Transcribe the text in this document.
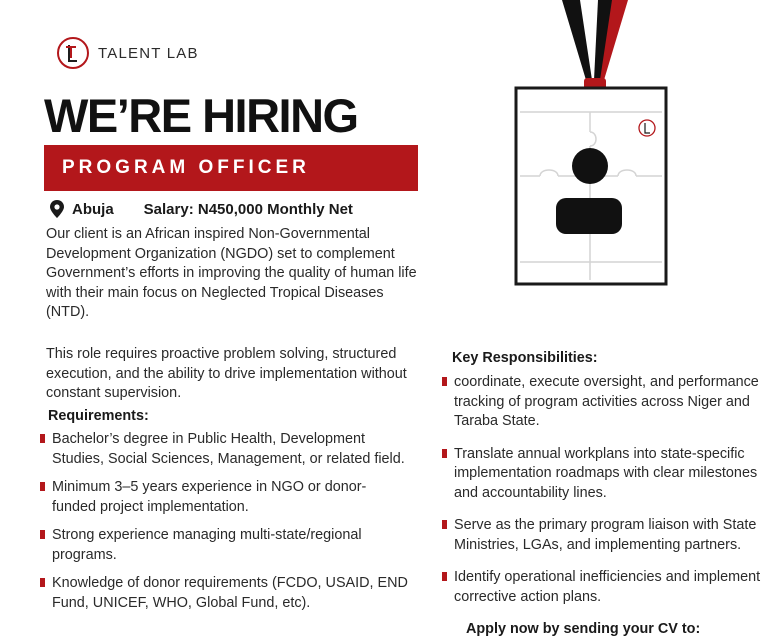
TALENT LAB
WE’RE HIRING
PROGRAM OFFICER
Abuja Salary: N450,000 Monthly Net

Our client is an African inspired Non-Governmental Development Organization (NGDO) set to complement Government’s efforts in improving the quality of human life with their main focus on Neglected Tropical Diseases (NTD).

This role requires proactive problem solving, structured execution, and the ability to drive implementation without constant supervision.

Requirements:
Bachelor’s degree in Public Health, Development Studies, Social Sciences, Management, or related field.
Minimum 3–5 years experience in NGO or donor-funded project implementation.
Strong experience managing multi-state/regional programs.
Knowledge of donor requirements (FCDO, USAID, END Fund, UNICEF, WHO, Global Fund, etc).
Key Responsibilities:
coordinate, execute oversight, and performance tracking of program activities across Niger and Taraba State.
Translate annual workplans into state-specific implementation roadmaps with clear milestones and accountability lines.
Serve as the primary program liaison with State Ministries, LGAs, and implementing partners.
Identify operational inefficiencies and implement corrective action plans.
Apply now by sending your CV to:
